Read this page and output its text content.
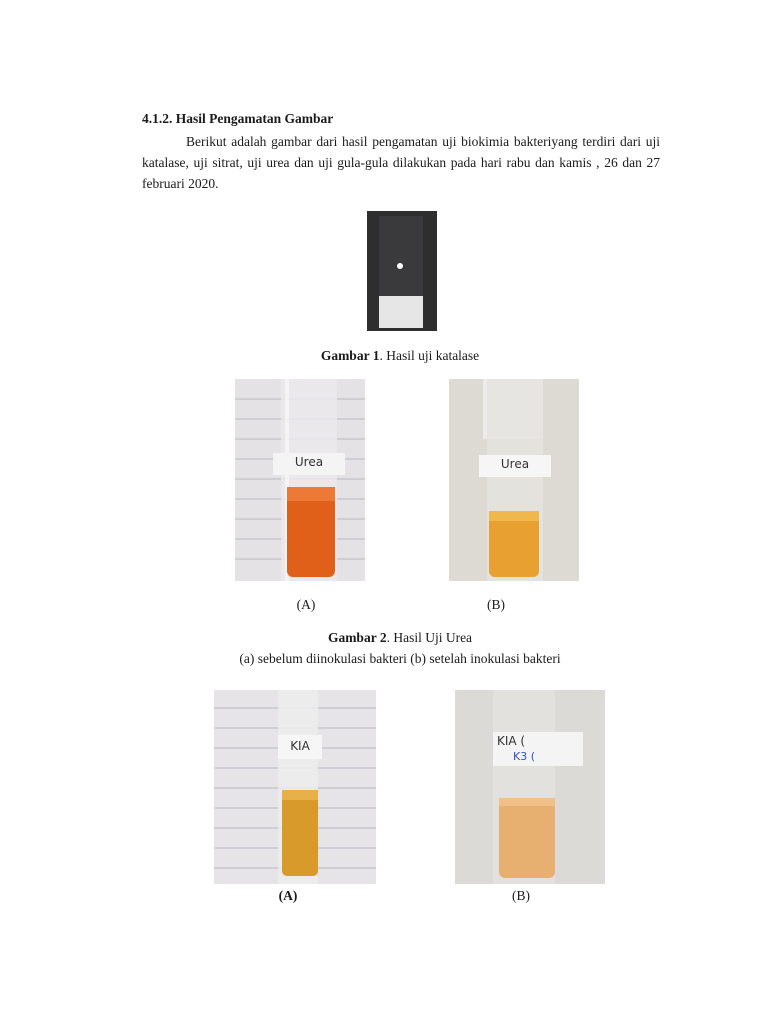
4.1.2. Hasil Pengamatan Gambar
Berikut adalah gambar dari hasil pengamatan uji biokimia bakteriyang terdiri dari uji katalase, uji sitrat, uji urea dan uji gula-gula dilakukan pada hari rabu dan kamis , 26 dan 27 februari 2020.
Gambar 1. Hasil uji katalase
Urea	Urea
(A)	(B)
Gambar 2. Hasil Uji Urea
(a) sebelum diinokulasi bakteri (b) setelah inokulasi bakteri
KIA	KIA (
K3 (
(A)	(B)
